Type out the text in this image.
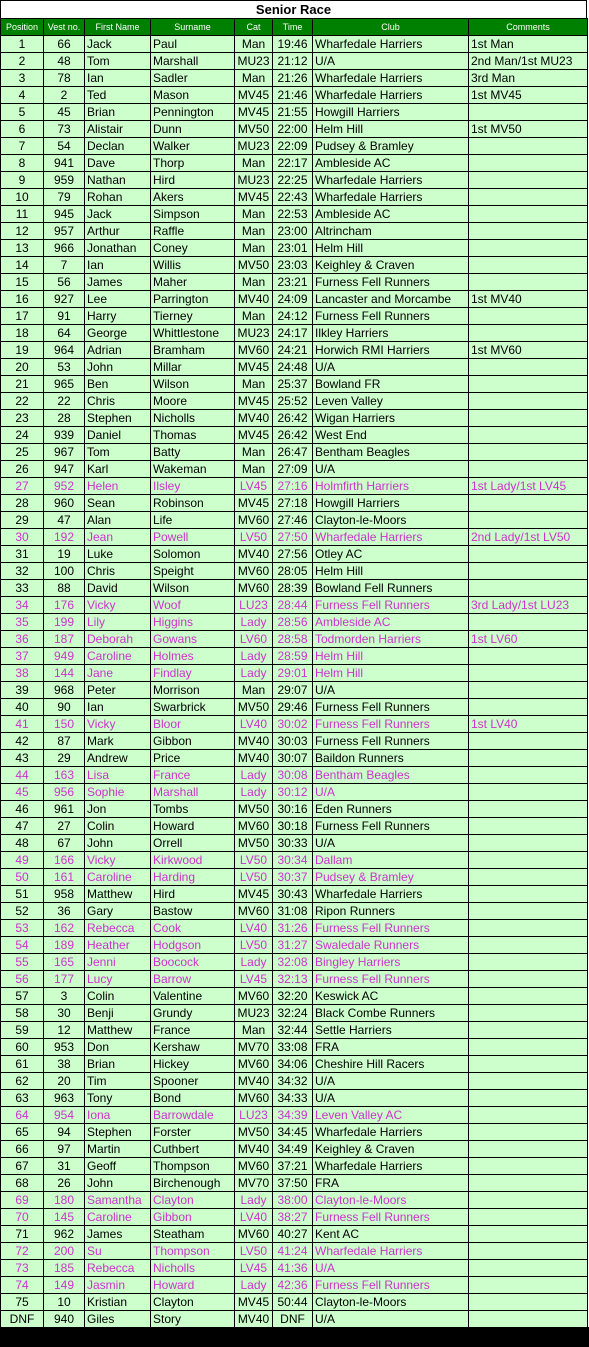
Senior Race
Position	Vest no.	First Name	Surname	Cat	Time	Club	Comments
1	66	Jack	Paul	Man	19:46	Wharfedale Harriers	1st Man
2	48	Tom	Marshall	MU23	21:12	U/A	2nd Man/1st MU23
3	78	Ian	Sadler	Man	21:26	Wharfedale Harriers	3rd Man
4	2	Ted	Mason	MV45	21:46	Wharfedale Harriers	1st MV45
5	45	Brian	Pennington	MV45	21:55	Howgill Harriers	
6	73	Alistair	Dunn	MV50	22:00	Helm Hill	1st MV50
7	54	Declan	Walker	MU23	22:09	Pudsey & Bramley	
8	941	Dave	Thorp	Man	22:17	Ambleside AC	
9	959	Nathan	Hird	MU23	22:25	Wharfedale Harriers	
10	79	Rohan	Akers	MV45	22:43	Wharfedale Harriers	
11	945	Jack	Simpson	Man	22:53	Ambleside AC	
12	957	Arthur	Raffle	Man	23:00	Altrincham	
13	966	Jonathan	Coney	Man	23:01	Helm Hill	
14	7	Ian	Willis	MV50	23:03	Keighley & Craven	
15	56	James	Maher	Man	23:21	Furness Fell Runners	
16	927	Lee	Parrington	MV40	24:09	Lancaster and Morcambe	1st MV40
17	91	Harry	Tierney	Man	24:12	Furness Fell Runners	
18	64	George	Whittlestone	MU23	24:17	Ilkley Harriers	
19	964	Adrian	Bramham	MV60	24:21	Horwich RMI Harriers	1st MV60
20	53	John	Millar	MV45	24:48	U/A	
21	965	Ben	Wilson	Man	25:37	Bowland FR	
22	22	Chris	Moore	MV45	25:52	Leven Valley	
23	28	Stephen	Nicholls	MV40	26:42	Wigan Harriers	
24	939	Daniel	Thomas	MV45	26:42	West End	
25	967	Tom	Batty	Man	26:47	Bentham Beagles	
26	947	Karl	Wakeman	Man	27:09	U/A	
27	952	Helen	Ilsley	LV45	27:16	Holmfirth Harriers	1st Lady/1st LV45
28	960	Sean	Robinson	MV45	27:18	Howgill Harriers	
29	47	Alan	Life	MV60	27:46	Clayton-le-Moors	
30	192	Jean	Powell	LV50	27:50	Wharfedale Harriers	2nd Lady/1st LV50
31	19	Luke	Solomon	MV40	27:56	Otley AC	
32	100	Chris	Speight	MV60	28:05	Helm Hill	
33	88	David	Wilson	MV60	28:39	Bowland Fell Runners	
34	176	Vicky	Woof	LU23	28:44	Furness Fell Runners	3rd Lady/1st LU23
35	199	Lily	Higgins	Lady	28:56	Ambleside AC	
36	187	Deborah	Gowans	LV60	28:58	Todmorden Harriers	1st LV60
37	949	Caroline	Holmes	Lady	28:59	Helm Hill	
38	144	Jane	Findlay	Lady	29:01	Helm Hill	
39	968	Peter	Morrison	Man	29:07	U/A	
40	90	Ian	Swarbrick	MV50	29:46	Furness Fell Runners	
41	150	Vicky	Bloor	LV40	30:02	Furness Fell Runners	1st LV40
42	87	Mark	Gibbon	MV40	30:03	Furness Fell Runners	
43	29	Andrew	Price	MV40	30:07	Baildon Runners	
44	163	Lisa	France	Lady	30:08	Bentham Beagles	
45	956	Sophie	Marshall	Lady	30:12	U/A	
46	961	Jon	Tombs	MV50	30:16	Eden Runners	
47	27	Colin	Howard	MV60	30:18	Furness Fell Runners	
48	67	John	Orrell	MV50	30:33	U/A	
49	166	Vicky	Kirkwood	LV50	30:34	Dallam	
50	161	Caroline	Harding	LV50	30:37	Pudsey & Bramley	
51	958	Matthew	Hird	MV45	30:43	Wharfedale Harriers	
52	36	Gary	Bastow	MV60	31:08	Ripon Runners	
53	162	Rebecca	Cook	LV40	31:26	Furness Fell Runners	
54	189	Heather	Hodgson	LV50	31:27	Swaledale Runners	
55	165	Jenni	Boocock	Lady	32:08	Bingley Harriers	
56	177	Lucy	Barrow	LV45	32:13	Furness Fell Runners	
57	3	Colin	Valentine	MV60	32:20	Keswick AC	
58	30	Benji	Grundy	MU23	32:24	Black Combe Runners	
59	12	Matthew	France	Man	32:44	Settle Harriers	
60	953	Don	Kershaw	MV70	33:08	FRA	
61	38	Brian	Hickey	MV60	34:06	Cheshire Hill Racers	
62	20	Tim	Spooner	MV40	34:32	U/A	
63	963	Tony	Bond	MV60	34:33	U/A	
64	954	Iona	Barrowdale	LU23	34:39	Leven Valley AC	
65	94	Stephen	Forster	MV50	34:45	Wharfedale Harriers	
66	97	Martin	Cuthbert	MV40	34:49	Keighley & Craven	
67	31	Geoff	Thompson	MV60	37:21	Wharfedale Harriers	
68	26	John	Birchenough	MV70	37:50	FRA	
69	180	Samantha	Clayton	Lady	38:00	Clayton-le-Moors	
70	145	Caroline	Gibbon	LV40	38:27	Furness Fell Runners	
71	962	James	Steatham	MV60	40:27	Kent AC	
72	200	Su	Thompson	LV50	41:24	Wharfedale Harriers	
73	185	Rebecca	Nicholls	LV45	41:36	U/A	
74	149	Jasmin	Howard	Lady	42:36	Furness Fell Runners	
75	10	Kristian	Clayton	MV45	50:44	Clayton-le-Moors	
DNF	940	Giles	Story	MV40	DNF	U/A	
